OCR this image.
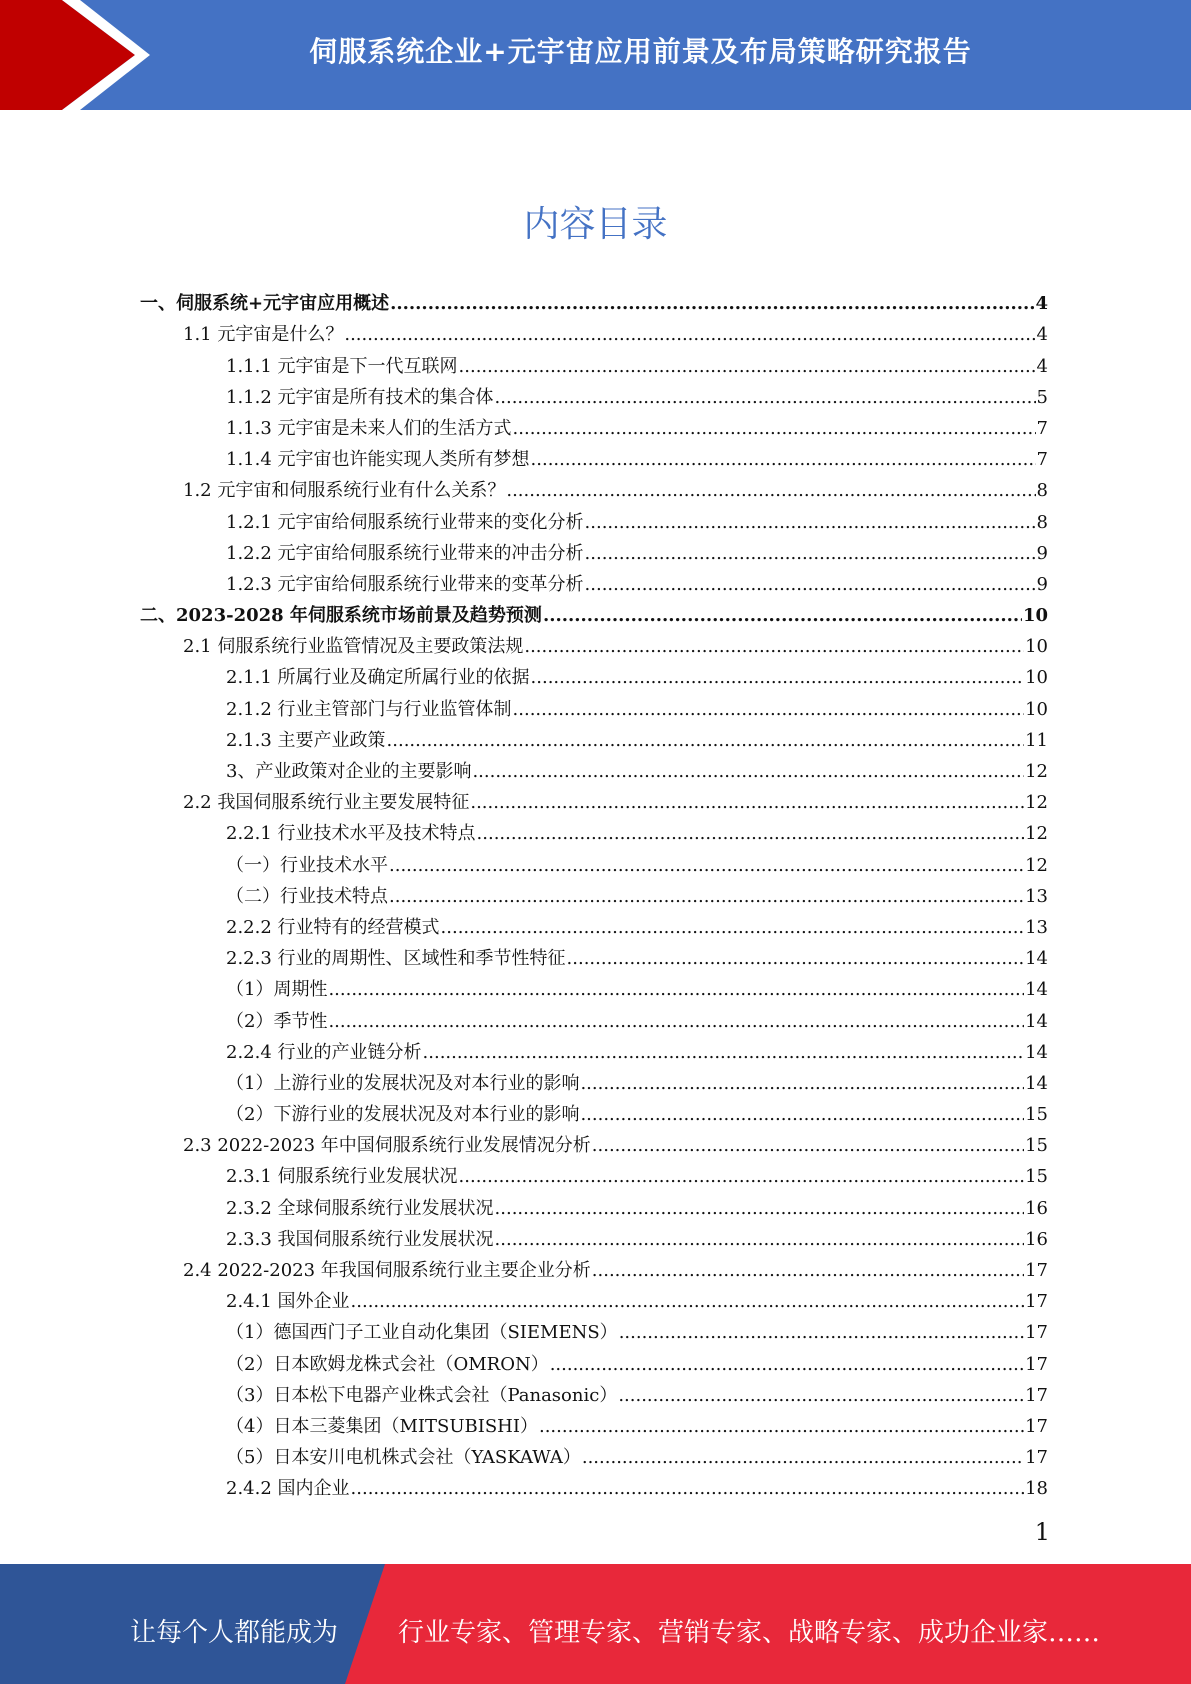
伺服系统企业+元宇宙应用前景及布局策略研究报告
内容目录
一、伺服系统+元宇宙应用概述 .....	4
1.1 元宇宙是什么？ .....	4
1.1.1 元宇宙是下一代互联网 .....	4
1.1.2 元宇宙是所有技术的集合体 .....	5
1.1.3 元宇宙是未来人们的生活方式 .....	7
1.1.4 元宇宙也许能实现人类所有梦想 .....	7
1.2 元宇宙和伺服系统行业有什么关系？ .....	8
1.2.1 元宇宙给伺服系统行业带来的变化分析 .....	8
1.2.2 元宇宙给伺服系统行业带来的冲击分析 .....	9
1.2.3 元宇宙给伺服系统行业带来的变革分析 .....	9
二、2023-2028 年伺服系统市场前景及趋势预测 .....	10
2.1 伺服系统行业监管情况及主要政策法规 .....	10
2.1.1 所属行业及确定所属行业的依据 .....	10
2.1.2 行业主管部门与行业监管体制 .....	10
2.1.3 主要产业政策 .....	11
3、产业政策对企业的主要影响 .....	12
2.2 我国伺服系统行业主要发展特征 .....	12
2.2.1 行业技术水平及技术特点 .....	12
（一）行业技术水平 .....	12
（二）行业技术特点 .....	13
2.2.2 行业特有的经营模式 .....	13
2.2.3 行业的周期性、区域性和季节性特征 .....	14
（1）周期性 .....	14
（2）季节性 .....	14
2.2.4 行业的产业链分析 .....	14
（1）上游行业的发展状况及对本行业的影响 .....	14
（2）下游行业的发展状况及对本行业的影响 .....	15
2.3 2022-2023 年中国伺服系统行业发展情况分析 .....	15
2.3.1 伺服系统行业发展状况 .....	15
2.3.2 全球伺服系统行业发展状况 .....	16
2.3.3 我国伺服系统行业发展状况 .....	16
2.4 2022-2023 年我国伺服系统行业主要企业分析 .....	17
2.4.1 国外企业 .....	17
（1）德国西门子工业自动化集团（SIEMENS） .....	17
（2）日本欧姆龙株式会社（OMRON） .....	17
（3）日本松下电器产业株式会社（Panasonic） .....	17
（4）日本三菱集团（MITSUBISHI） .....	17
（5）日本安川电机株式会社（YASKAWA） .....	17
2.4.2 国内企业 .....	18
1
让每个人都能成为 行业专家、管理专家、营销专家、战略专家、成功企业家……
